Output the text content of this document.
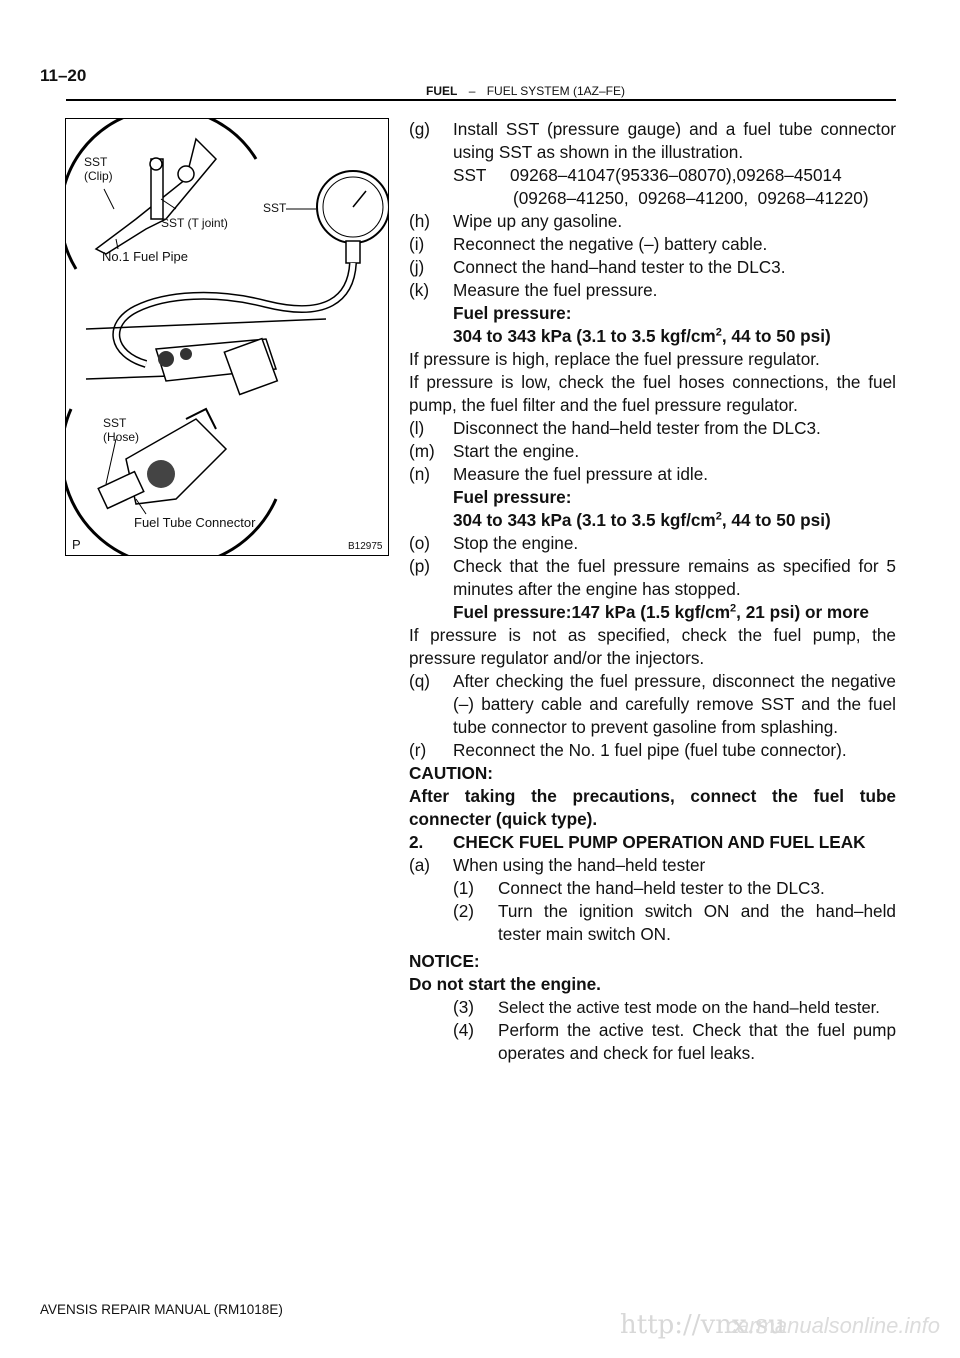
11–20
FUEL – FUEL SYSTEM (1AZ–FE)
SST
(Clip)
SST
SST (T joint)
No.1 Fuel Pipe
SST
(Hose)
Fuel Tube Connector
P	B12975
(g) Install SST (pressure gauge) and a fuel tube connector using SST as shown in the illustration.
SST     09268–41047(95336–08070),09268–45014
(09268–41250,  09268–41200,  09268–41220)
(h) Wipe up any gasoline.
(i) Reconnect the negative (–) battery cable.
(j) Connect the hand–hand tester to the DLC3.
(k) Measure the fuel pressure.
Fuel pressure:
304 to 343 kPa (3.1 to 3.5 kgf/$cm^2$, 44 to 50 psi)
If pressure is high, replace the fuel pressure regulator.
If pressure is low, check the fuel hoses connections, the fuel pump, the fuel filter and the fuel pressure regulator.
(l) Disconnect the hand–held tester from the DLC3.
(m) Start the engine.
(n) Measure the fuel pressure at idle.
Fuel pressure:
304 to 343 kPa (3.1 to 3.5 kgf/$cm^2$, 44 to 50 psi)
(o) Stop the engine.
(p) Check that the fuel pressure remains as specified for 5 minutes after the engine has stopped.
Fuel pressure:147 kPa (1.5 kgf/$cm^2$, 21 psi) or more
If pressure is not as specified, check the fuel pump, the pressure regulator and/or the injectors.
(q) After checking the fuel pressure, disconnect the negative (–) battery cable and carefully remove SST and the fuel tube connector to prevent gasoline from splashing.
(r) Reconnect the No. 1 fuel pipe (fuel tube connector).
CAUTION:
After taking the precautions, connect the fuel tube connecter (quick type).
2. CHECK FUEL PUMP OPERATION AND FUEL LEAK
(a) When using the hand–held tester
(1) Connect the hand–held tester to the DLC3.
(2) Turn the ignition switch ON and the hand–held tester main switch ON.
NOTICE:
Do not start the engine.
(3) Select the active test mode on the hand–held tester.
(4) Perform the active test. Check that the fuel pump operates and check for fuel leaks.
AVENSIS REPAIR MANUAL (RM1018E)
http://vnx.su
carmanualsonline.info
